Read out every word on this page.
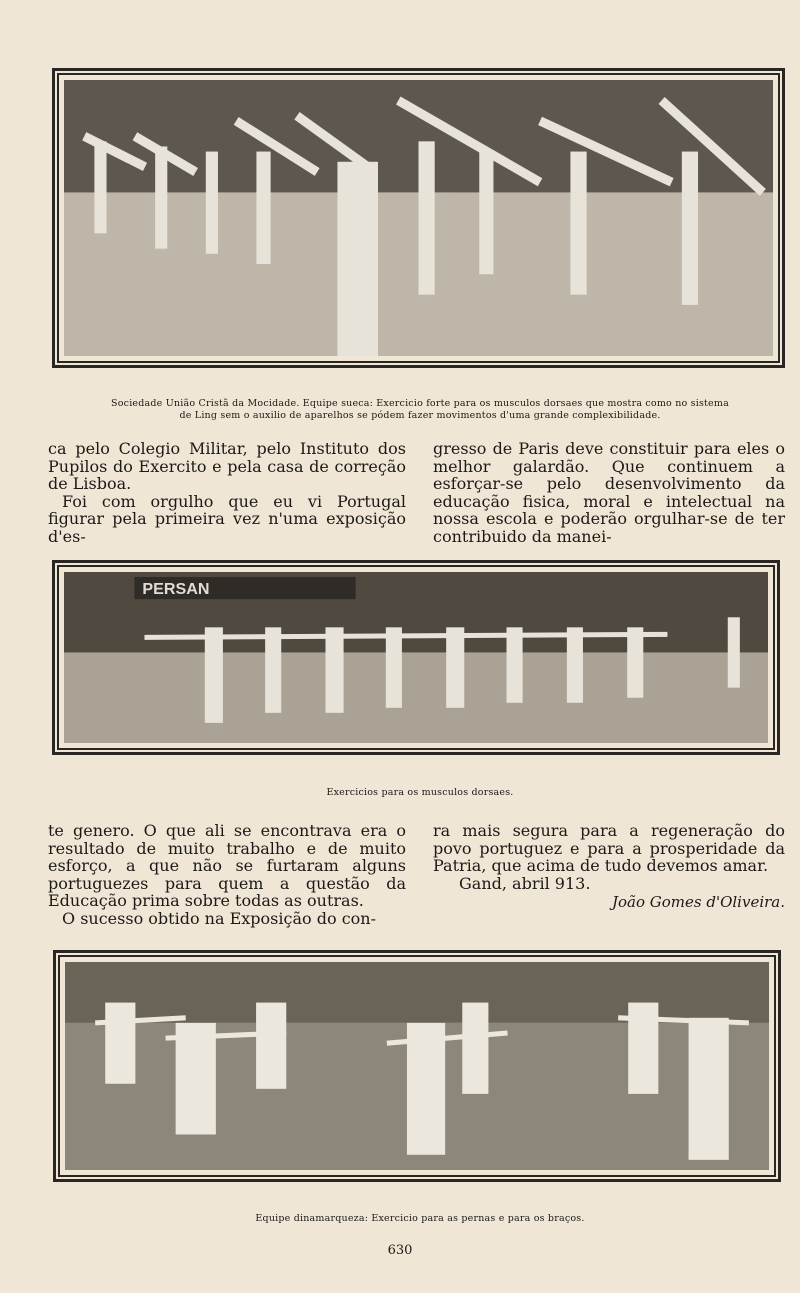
Sociedade União Cristã da Mocidade. Equipe sueca: Exercicio forte para os musculos dorsaes que mostra como no sistema
de Ling sem o auxilio de aparelhos se pódem fazer movimentos d'uma grande complexibilidade.

ca pelo Colegio Militar, pelo Instituto dos Pupilos do Exercito e pela casa de correção de Lisboa.

Foi com orgulho que eu vi Portugal figurar pela primeira vez n'uma exposição d'es-

gresso de Paris deve constituir para eles o melhor galardão. Que continuem a esforçar-se pelo desenvolvimento da educação fisica, moral e intelectual na nossa escola e poderão orgulhar-se de ter contribuido da manei-

PERSAN
Exercicios para os musculos dorsaes.

te genero. O que ali se encontrava era o resultado de muito trabalho e de muito esforço, a que não se furtaram alguns portuguezes para quem a questão da Educação prima sobre todas as outras.

O sucesso obtido na Exposição do con-

ra mais segura para a regeneração do povo portuguez e para a prosperidade da Patria, que acima de tudo devemos amar.

Gand, abril 913.

João Gomes d'Oliveira.
Equipe dinamarqueza: Exercicio para as pernas e para os braços.
630
